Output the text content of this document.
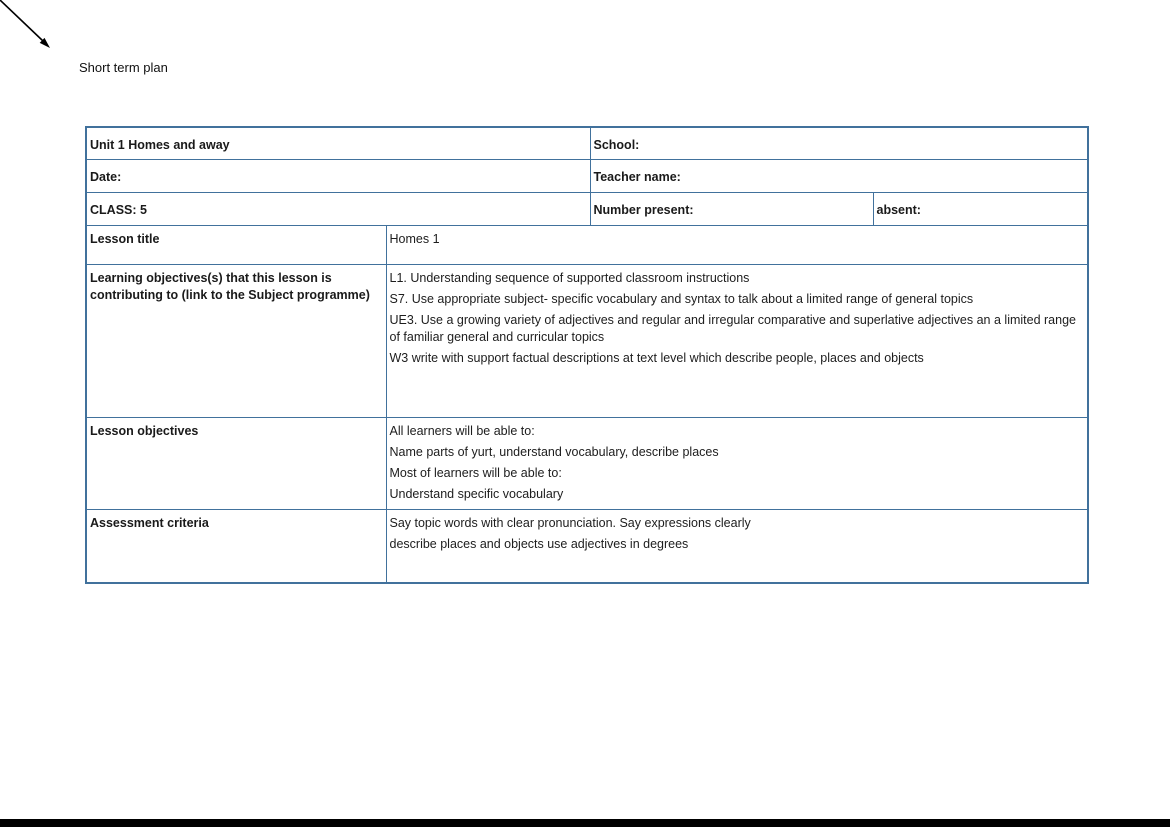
Short term plan
Unit 1 Homes and away		School:	
Date:		Teacher name:	
CLASS: 5		Number present:	absent:
Lesson title	Homes 1		
Learning objectives(s) that this lesson is contributing to (link to the Subject programme)	L1. Understanding sequence of supported classroom instructions

S7. Use appropriate subject- specific vocabulary and syntax to talk about a limited range of general topics

UE3. Use a growing variety of adjectives and regular and irregular comparative and superlative adjectives an a limited range of familiar general and curricular topics

W3 write with support factual descriptions at text level which describe people, places and objects		

Lesson objectives	All learners will be able to:

Name parts of yurt, understand vocabulary, describe places

Most of learners will be able to:

Understand specific vocabulary		

Assessment criteria	Say topic words with clear pronunciation. Say expressions clearly

describe places and objects use adjectives in degrees		
